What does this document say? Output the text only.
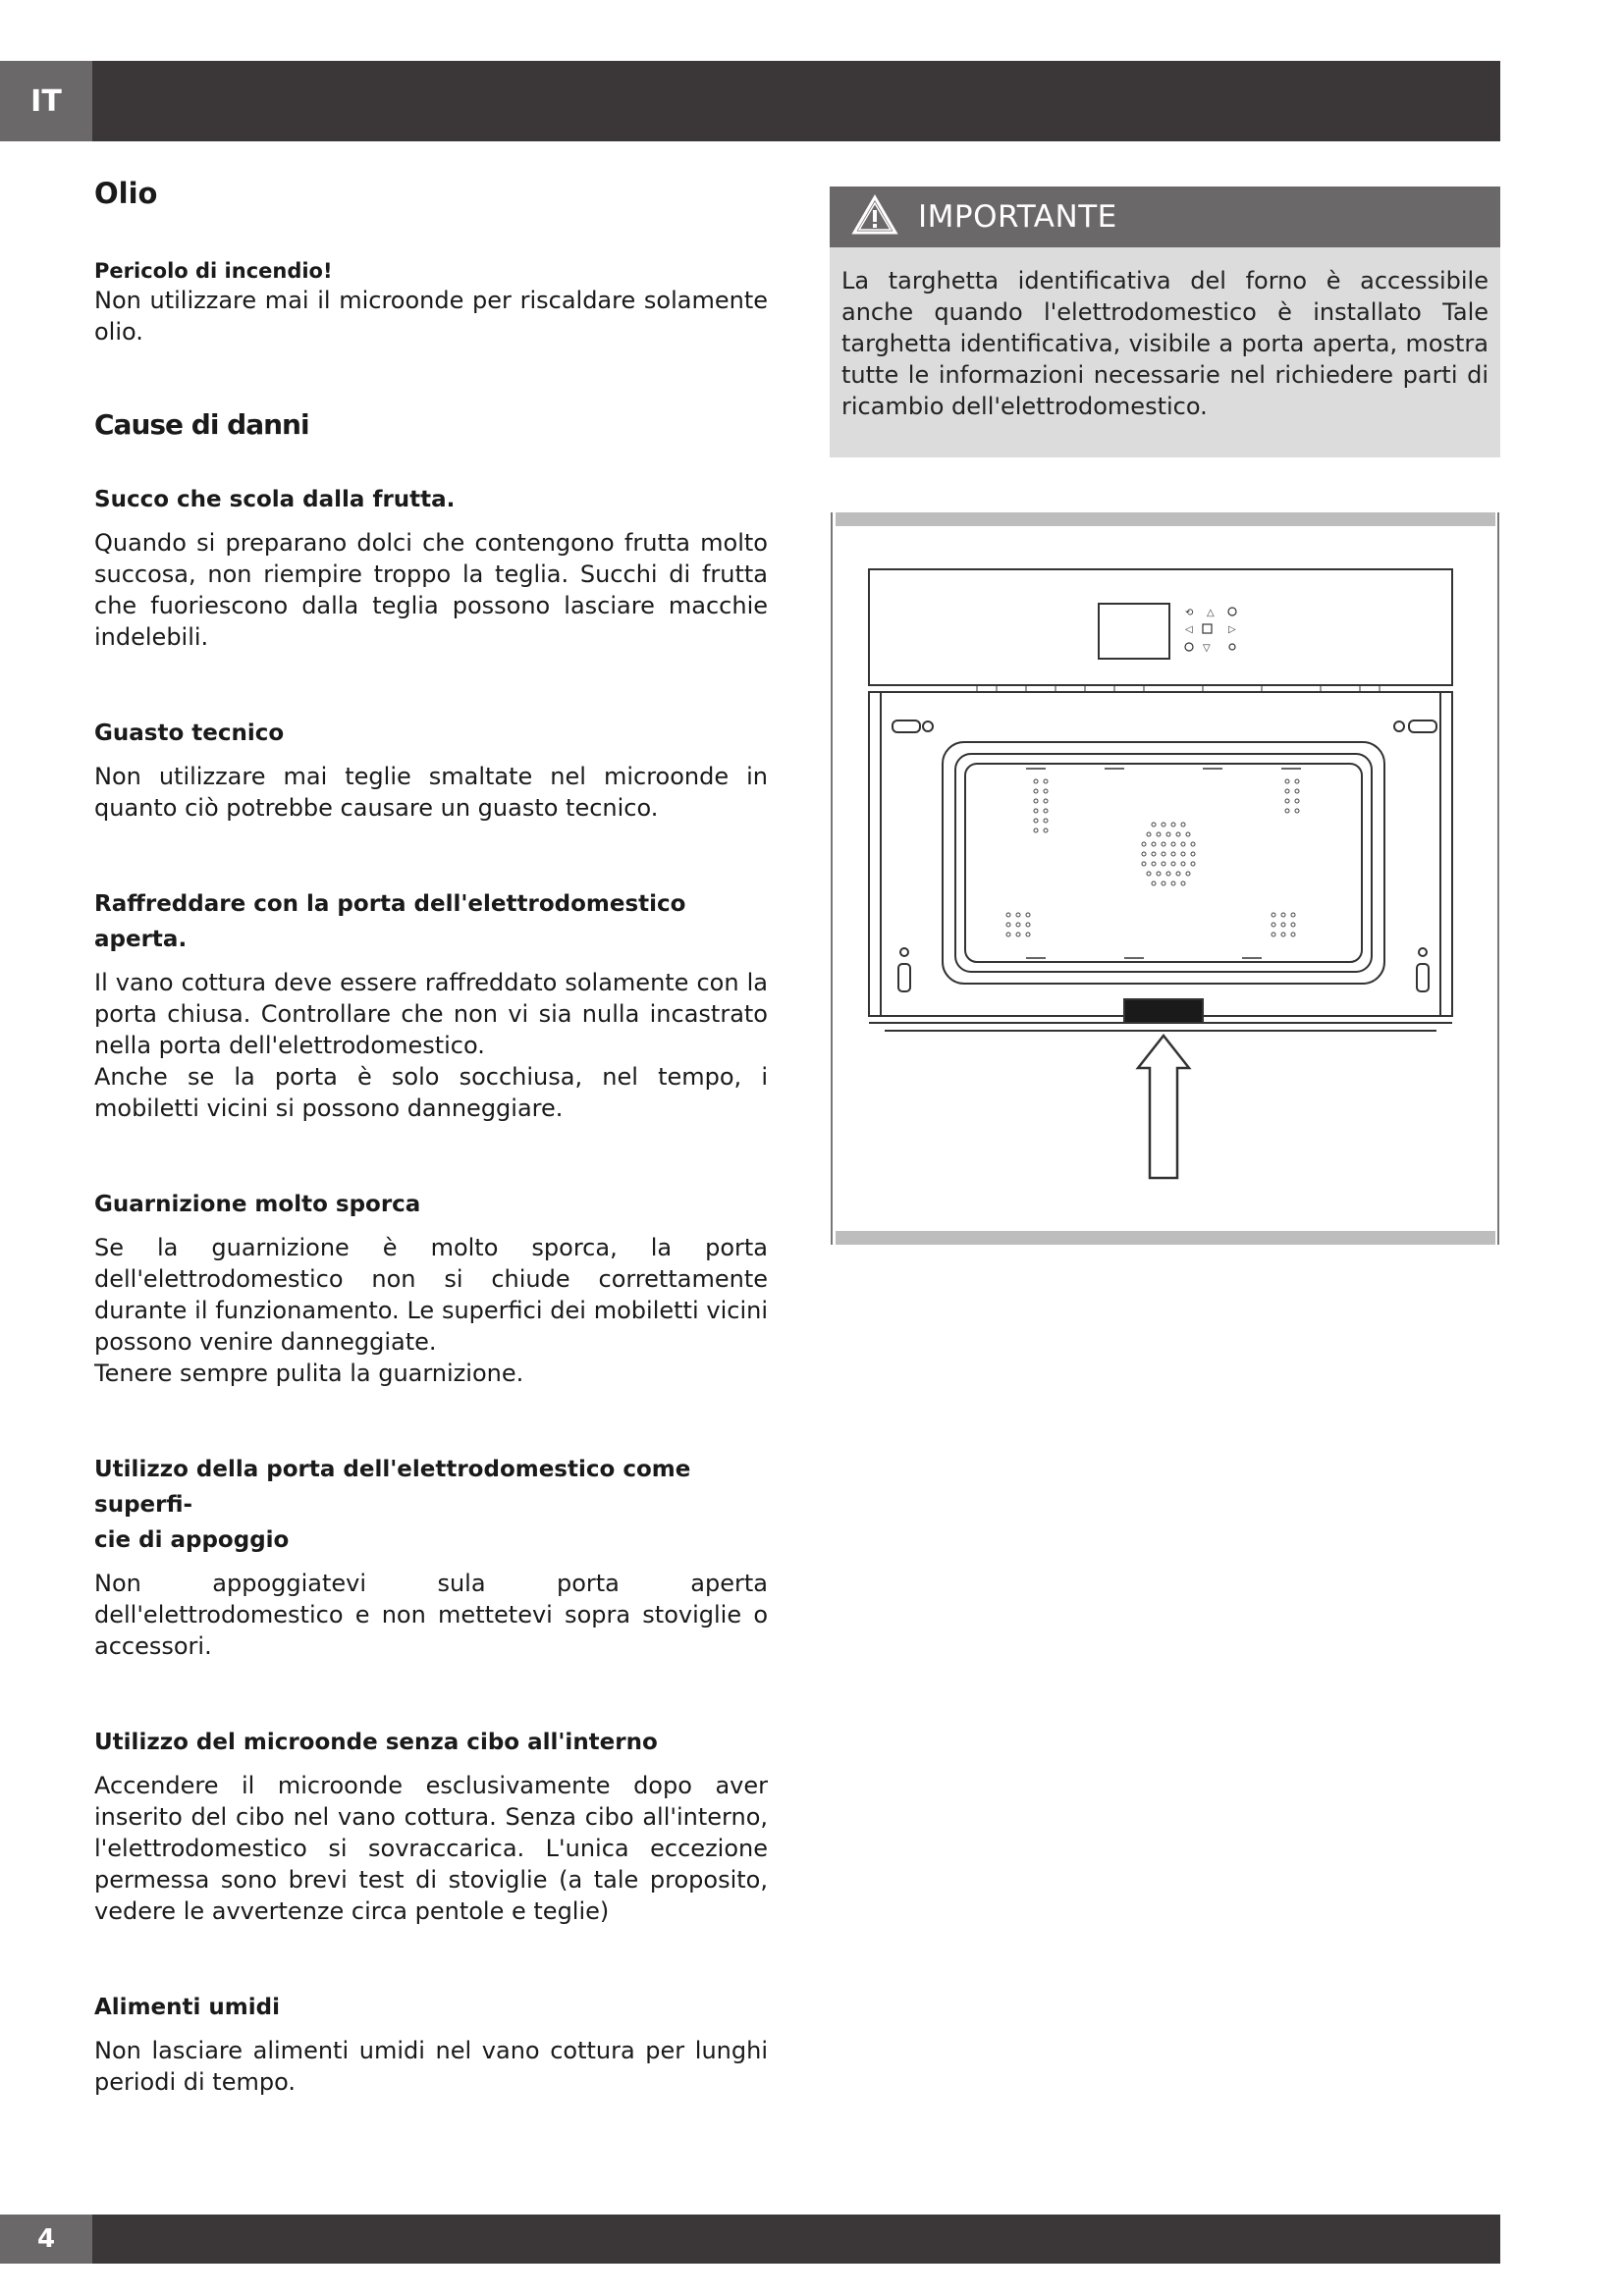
IT
4
Olio
Pericolo di incendio!
Non utilizzare mai il microonde per riscaldare solamente olio.
Cause di danni
Succo che scola dalla frutta.
Quando si preparano dolci che contengono frutta molto succosa, non riempire troppo la teglia. Succhi di frutta che fuoriescono dalla teglia possono lasciare macchie indelebili.
Guasto tecnico
Non utilizzare mai teglie smaltate nel microonde in quanto ciò potrebbe causare un guasto tecnico.
Raffreddare con la porta dell'elettrodomestico aperta.
Il vano cottura deve essere raffreddato solamente con la porta chiusa. Controllare che non vi sia nulla incastrato nella porta dell'elettrodomestico.
Anche se la porta è solo socchiusa, nel tempo, i mobiletti vicini si possono danneggiare.
Guarnizione molto sporca
Se la guarnizione è molto sporca, la porta dell'elettrodomestico non si chiude correttamente durante il funzionamento. Le superfici dei mobiletti vicini possono venire danneggiate.
Tenere sempre pulita la guarnizione.
Utilizzo della porta dell'elettrodomestico come superfi-
cie di appoggio
Non appoggiatevi sula porta aperta dell'elettrodomestico e non mettetevi sopra stoviglie o accessori.
Utilizzo del microonde senza cibo all'interno
Accendere il microonde esclusivamente dopo aver inserito del cibo nel vano cottura. Senza cibo all'interno, l'elettrodomestico si sovraccarica. L'unica eccezione permessa sono brevi test di stoviglie (a tale proposito, vedere le avvertenze circa pentole e teglie)
Alimenti umidi
Non lasciare alimenti umidi nel vano cottura per lunghi periodi di tempo.
IMPORTANTE
La targhetta identificativa del forno è accessibile anche quando l'elettrodomestico è installato Tale targhetta identificativa, visibile a porta aperta, mostra tutte le informazioni necessarie nel richiedere parti di ricambio dell'elettrodomestico.
⟲ △
◁	▷
▽
